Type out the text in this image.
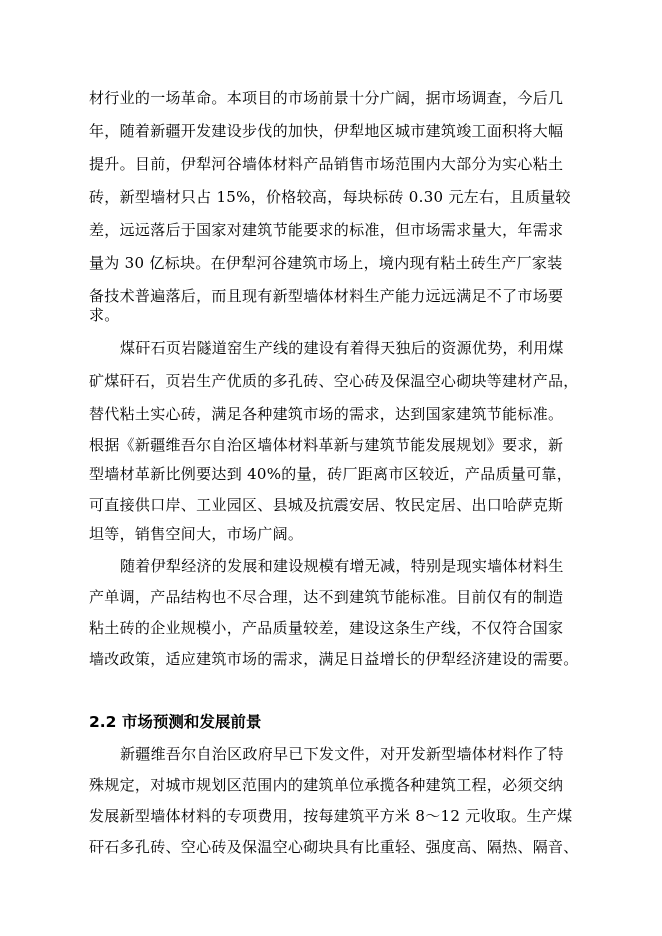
材行业的一场革命。本项目的市场前景十分广阔，据市场调查，今后几
年，随着新疆开发建设步伐的加快，伊犁地区城市建筑竣工面积将大幅
提升。目前，伊犁河谷墙体材料产品销售市场范围内大部分为实心粘土
砖，新型墙材只占 15%，价格较高，每块标砖 0.30 元左右，且质量较
差，远远落后于国家对建筑节能要求的标准，但市场需求量大，年需求
量为 30 亿标块。在伊犁河谷建筑市场上，境内现有粘土砖生产厂家装
备技术普遍落后，而且现有新型墙体材料生产能力远远满足不了市场要
求。
煤矸石页岩隧道窑生产线的建设有着得天独后的资源优势，利用煤
矿煤矸石，页岩生产优质的多孔砖、空心砖及保温空心砌块等建材产品，
替代粘土实心砖，满足各种建筑市场的需求，达到国家建筑节能标准。
根据《新疆维吾尔自治区墙体材料革新与建筑节能发展规划》要求，新
型墙材革新比例要达到 40%的量，砖厂距离市区较近，产品质量可靠，
可直接供口岸、工业园区、县城及抗震安居、牧民定居、出口哈萨克斯
坦等，销售空间大，市场广阔。
随着伊犁经济的发展和建设规模有增无减，特别是现实墙体材料生
产单调，产品结构也不尽合理，达不到建筑节能标准。目前仅有的制造
粘土砖的企业规模小，产品质量较差，建设这条生产线，不仅符合国家
墙改政策，适应建筑市场的需求，满足日益增长的伊犁经济建设的需要。
2.2 市场预测和发展前景
新疆维吾尔自治区政府早已下发文件，对开发新型墙体材料作了特
殊规定，对城市规划区范围内的建筑单位承揽各种建筑工程，必须交纳
发展新型墙体材料的专项费用，按每建筑平方米 8～12 元收取。生产煤
矸石多孔砖、空心砖及保温空心砌块具有比重轻、强度高、隔热、隔音、
